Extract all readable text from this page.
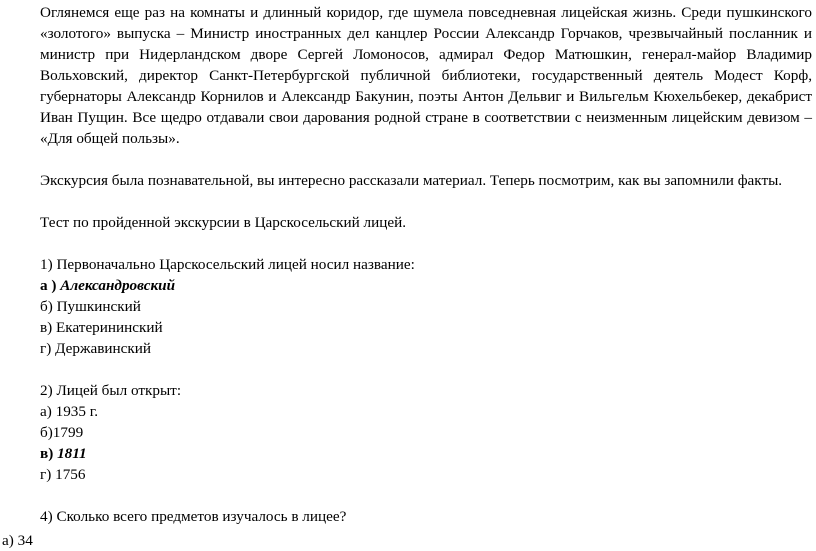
Оглянемся еще раз на комнаты и длинный коридор, где шумела повседневная лицейская жизнь. Среди пушкинского «золотого» выпуска – Министр иностранных дел канцлер России Александр Горчаков, чрезвычайный посланник и министр при Нидерландском дворе Сергей Ломоносов, адмирал Федор Матюшкин, генерал-майор Владимир Вольховский, директор Санкт-Петербургской публичной библиотеки, государственный деятель Модест Корф, губернаторы Александр Корнилов и Александр Бакунин, поэты Антон Дельвиг и Вильгельм Кюхельбекер, декабрист Иван Пущин. Все щедро отдавали свои дарования родной стране в соответствии с неизменным лицейским девизом – «Для общей пользы».

Экскурсия была познавательной, вы интересно рассказали материал. Теперь посмотрим, как вы запомнили факты.

Тест по пройденной экскурсии в Царскосельский лицей.

1) Первоначально Царскосельский лицей носил название:

а ) Александровский

б) Пушкинский

в) Екатерининский

г) Державинский

2) Лицей был открыт:

а) 1935 г.

б)1799

в) 1811

г) 1756

4) Сколько всего предметов изучалось в лицее?

а) 34
